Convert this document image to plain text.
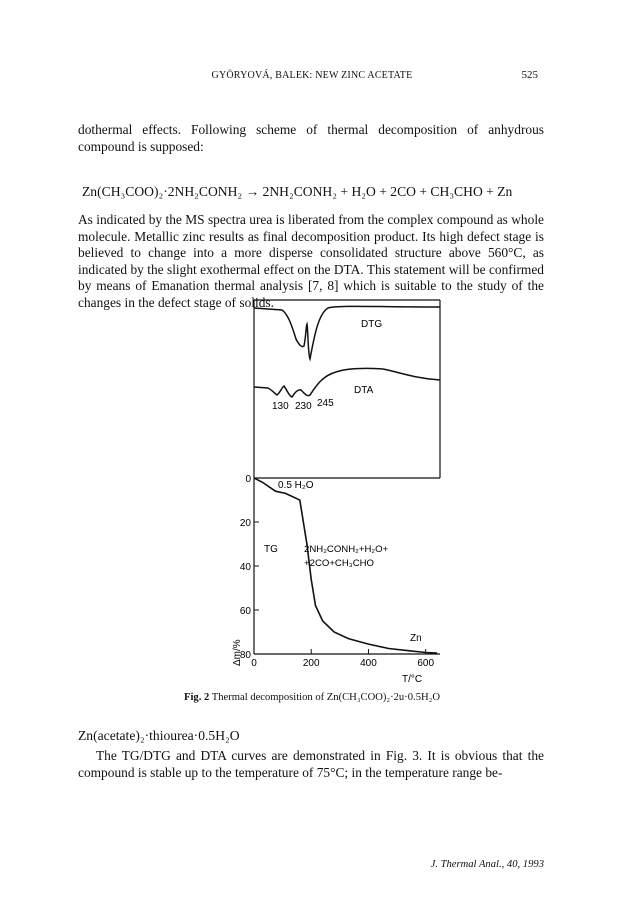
GYÖRYOVÁ, BALEK: NEW ZINC ACETATE	525

dothermal effects. Following scheme of thermal decomposition of anhydrous compound is supposed:

Zn(CH₃COO)₂·2NH₂CONH₂ → 2NH₂CONH₂ + H₂O + 2CO + CH₃CHO + Zn

As indicated by the MS spectra urea is liberated from the complex compound as whole molecule. Metallic zinc results as final decomposition product. Its high defect stage is believed to change into a more disperse consolidated structure above 560°C, as indicated by the slight exothermal effect on the DTA. This statement will be confirmed by means of Emanation thermal analysis [7, 8] which is suitable to the study of the changes in the defect stage of solids.

DTG
DTA
130 230 245
0
20
40
60
80
0	200	400	600
0.5 H₂O
TG	2NH₂CONH₂+H₂O+
+2CO+CH₃CHO
Zn
Δm/%
T/°C
Fig. 2 Thermal decomposition of Zn(CH₃COO)₂·2u·0.5H₂O
Zn(acetate)₂·thiourea·0.5H₂O

The TG/DTG and DTA curves are demonstrated in Fig. 3. It is obvious that the compound is stable up to the temperature of 75°C; in the temperature range be-

J. Thermal Anal., 40, 1993
